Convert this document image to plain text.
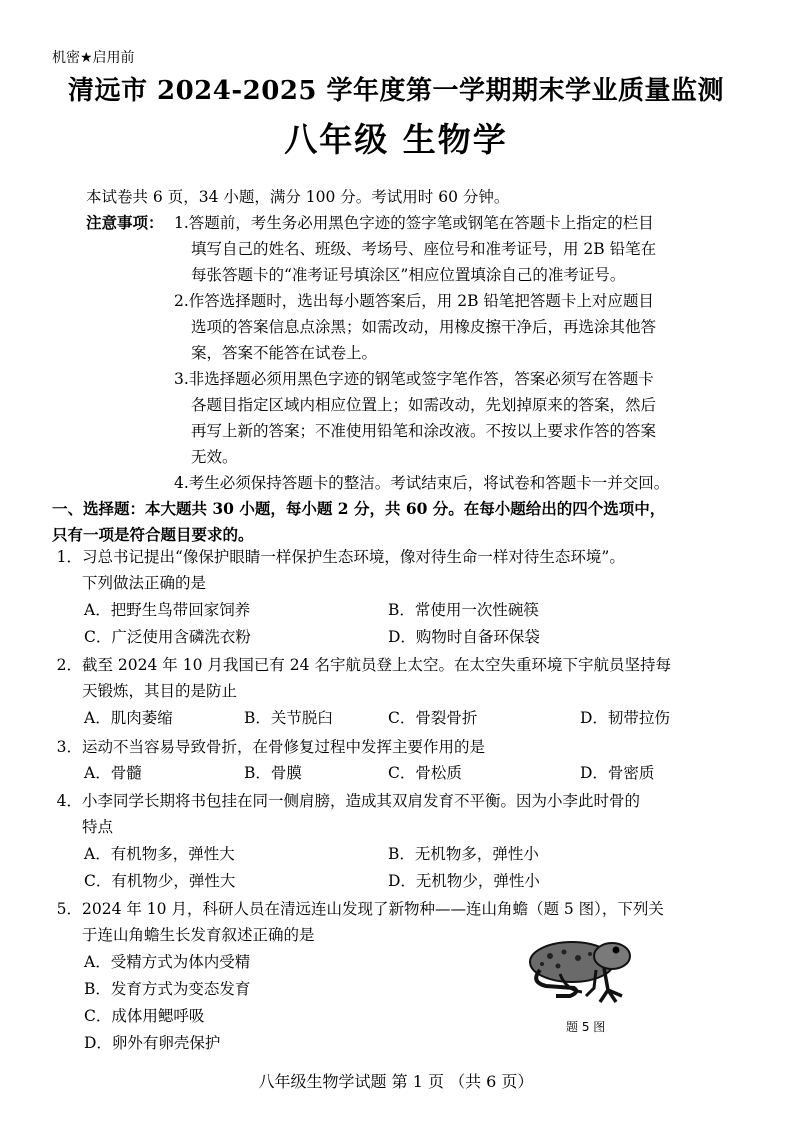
机密★启用前
清远市 2024-2025 学年度第一学期期末学业质量监测
八年级 生物学
本试卷共 6 页，34 小题，满分 100 分。考试用时 60 分钟。
注意事项： 1.答题前，考生务必用黑色字迹的签字笔或钢笔在答题卡上指定的栏目
填写自己的姓名、班级、考场号、座位号和准考证号，用 2B 铅笔在
每张答题卡的“准考证号填涂区”相应位置填涂自己的准考证号。
2.作答选择题时，选出每小题答案后，用 2B 铅笔把答题卡上对应题目
选项的答案信息点涂黑；如需改动，用橡皮擦干净后，再选涂其他答
案，答案不能答在试卷上。
3.非选择题必须用黑色字迹的钢笔或签字笔作答，答案必须写在答题卡
各题目指定区域内相应位置上；如需改动，先划掉原来的答案，然后
再写上新的答案；不准使用铅笔和涂改液。不按以上要求作答的答案
无效。
4.考生必须保持答题卡的整洁。考试结束后，将试卷和答题卡一并交回。
一、选择题：本大题共 30 小题，每小题 2 分，共 60 分。在每小题给出的四个选项中，
只有一项是符合题目要求的。
1．习总书记提出“像保护眼睛一样保护生态环境，像对待生命一样对待生态环境”。
下列做法正确的是
A．把野生鸟带回家饲养	B．常使用一次性碗筷
C．广泛使用含磷洗衣粉	D．购物时自备环保袋
2．截至 2024 年 10 月我国已有 24 名宇航员登上太空。在太空失重环境下宇航员坚持每
天锻炼，其目的是防止
A．肌肉萎缩	B．关节脱臼	C．骨裂骨折	D．韧带拉伤
3．运动不当容易导致骨折，在骨修复过程中发挥主要作用的是
A．骨髓	B．骨膜	C．骨松质	D．骨密质
4．小李同学长期将书包挂在同一侧肩膀，造成其双肩发育不平衡。因为小李此时骨的
特点
A．有机物多，弹性大	B．无机物多，弹性小
C．有机物少，弹性大	D．无机物少，弹性小
5．2024 年 10 月，科研人员在清远连山发现了新物种——连山角蟾（题 5 图），下列关
于连山角蟾生长发育叙述正确的是
A．受精方式为体内受精
B．发育方式为变态发育
C．成体用鳃呼吸
D．卵外有卵壳保护
题 5 图
八年级生物学试题 第 1 页 （共 6 页）
